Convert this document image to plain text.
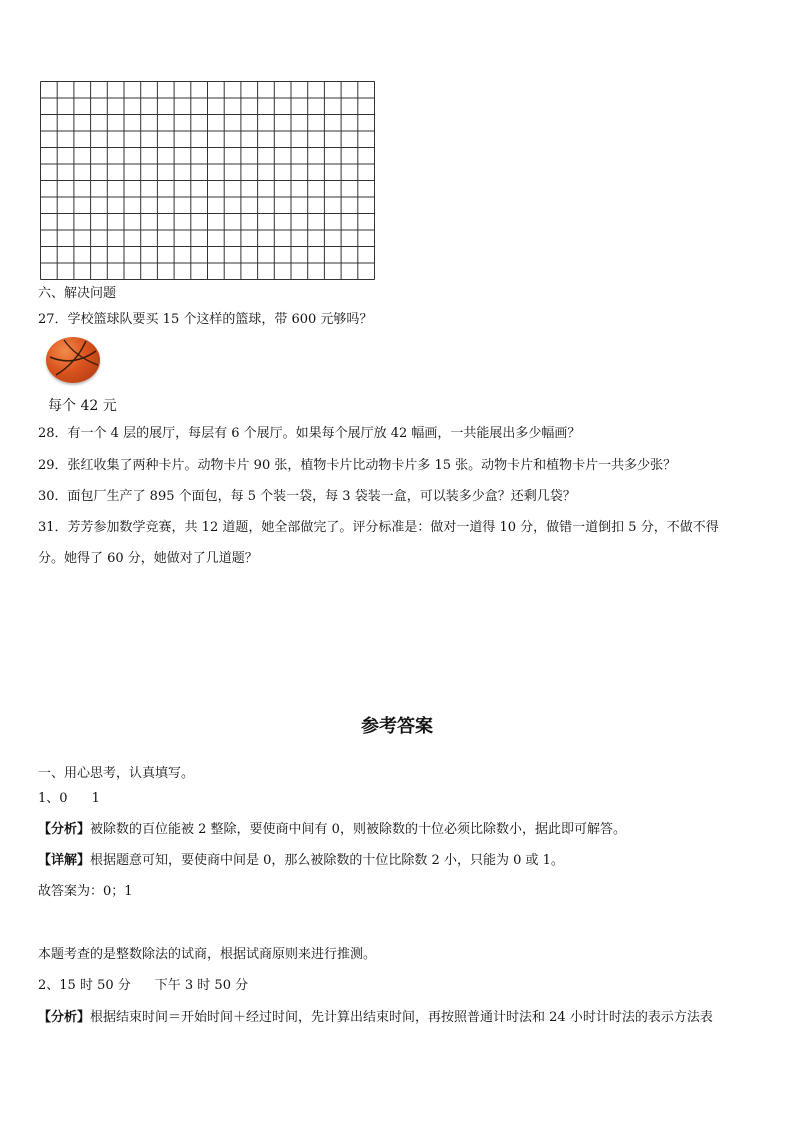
六、解决问题
27．学校篮球队要买 15 个这样的篮球，带 600 元够吗？
每个 42 元
28．有一个 4 层的展厅，每层有 6 个展厅。如果每个展厅放 42 幅画，一共能展出多少幅画？
29．张红收集了两种卡片。动物卡片 90 张，植物卡片比动物卡片多 15 张。动物卡片和植物卡片一共多少张？
30．面包厂生产了 895 个面包，每 5 个装一袋，每 3 袋装一盒，可以装多少盒？还剩几袋？
31．芳芳参加数学竞赛，共 12 道题，她全部做完了。评分标准是：做对一道得 10 分，做错一道倒扣 5 分，不做不得
分。她得了 60 分，她做对了几道题？
参考答案
一、用心思考，认真填写。
1、0 1
【分析】被除数的百位能被 2 整除，要使商中间有 0，则被除数的十位必须比除数小，据此即可解答。
【详解】根据题意可知，要使商中间是 0，那么被除数的十位比除数 2 小，只能为 0 或 1。
故答案为：0；1
本题考查的是整数除法的试商，根据试商原则来进行推测。
2、15 时 50 分 下午 3 时 50 分
【分析】根据结束时间＝开始时间＋经过时间，先计算出结束时间，再按照普通计时法和 24 小时计时法的表示方法表
